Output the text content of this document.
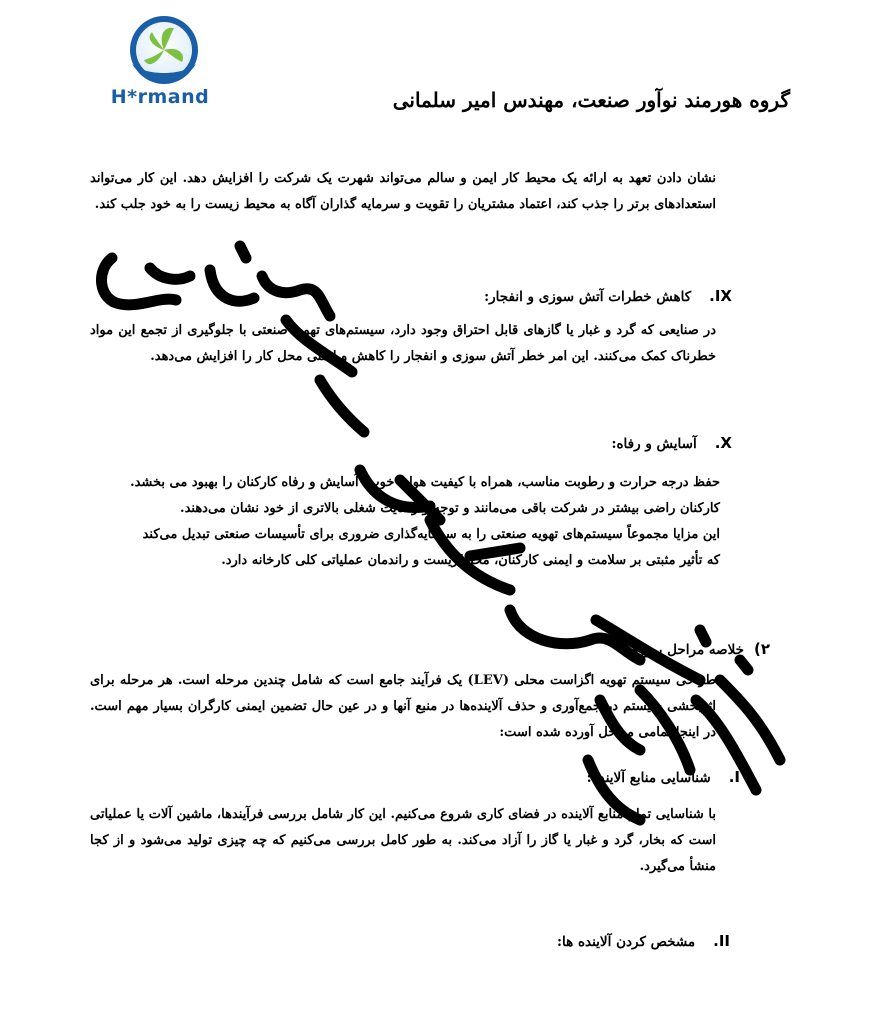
H*rmand	گروه هورمند نوآور صنعت، مهندس امیر سلمانی
نشان دادن تعهد به ارائه یک محیط کار ایمن و سالم می‌تواند شهرت یک شرکت را افزایش دهد. این کار می‌تواند استعدادهای برتر را جذب کند، اعتماد مشتریان را تقویت و سرمایه گذاران آگاه به محیط زیست را به خود جلب کند.
IX.کاهش خطرات آتش سوزی و انفجار:
در صنایعی که گرد و غبار یا گازهای قابل احتراق وجود دارد، سیستم‌های تهویه صنعتی با جلوگیری از تجمع این مواد خطرناک کمک می‌کنند. این امر خطر آتش سوزی و انفجار را کاهش و ایمنی محل کار را افزایش می‌دهد.
X.آسایش و رفاه:
حفظ درجه حرارت و رطوبت مناسب، همراه با کیفیت هوای خوب، آسایش و رفاه کارکنان را بهبود می بخشد.
کارکنان راضی بیشتر در شرکت باقی می‌مانند و توجه و رضایت شغلی بالاتری از خود نشان می‌دهند.
این مزایا مجموعاً سیستم‌های تهویه صنعتی را به سرمایه‌گذاری ضروری برای تأسیسات صنعتی تبدیل می‌کند
که تأثیر مثبتی بر سلامت و ایمنی کارکنان، محیط‌زیست و راندمان عملیاتی کلی کارخانه دارد.
۲)خلاصه مراحل پروژه
طراحی سیستم تهویه اگزاست محلی (LEV) یک فرآیند جامع است که شامل چندین مرحله است. هر مرحله برای اثربخشی سیستم در جمع‌آوری و حذف آلاینده‌ها در منبع آنها و در عین حال تضمین ایمنی کارگران بسیار مهم است. در اینجا تمامی مراحل آورده شده است:
I.شناسایی منابع آلاینده:
با شناسایی تمام منابع آلاینده در فضای کاری شروع می‌کنیم. این کار شامل بررسی فرآیندها، ماشین آلات یا عملیاتی است که بخار، گرد و غبار یا گاز را آزاد می‌کند. به طور کامل بررسی می‌کنیم که چه چیزی تولید می‌شود و از کجا منشأ می‌گیرد.
II.مشخص کردن آلاینده ها:
